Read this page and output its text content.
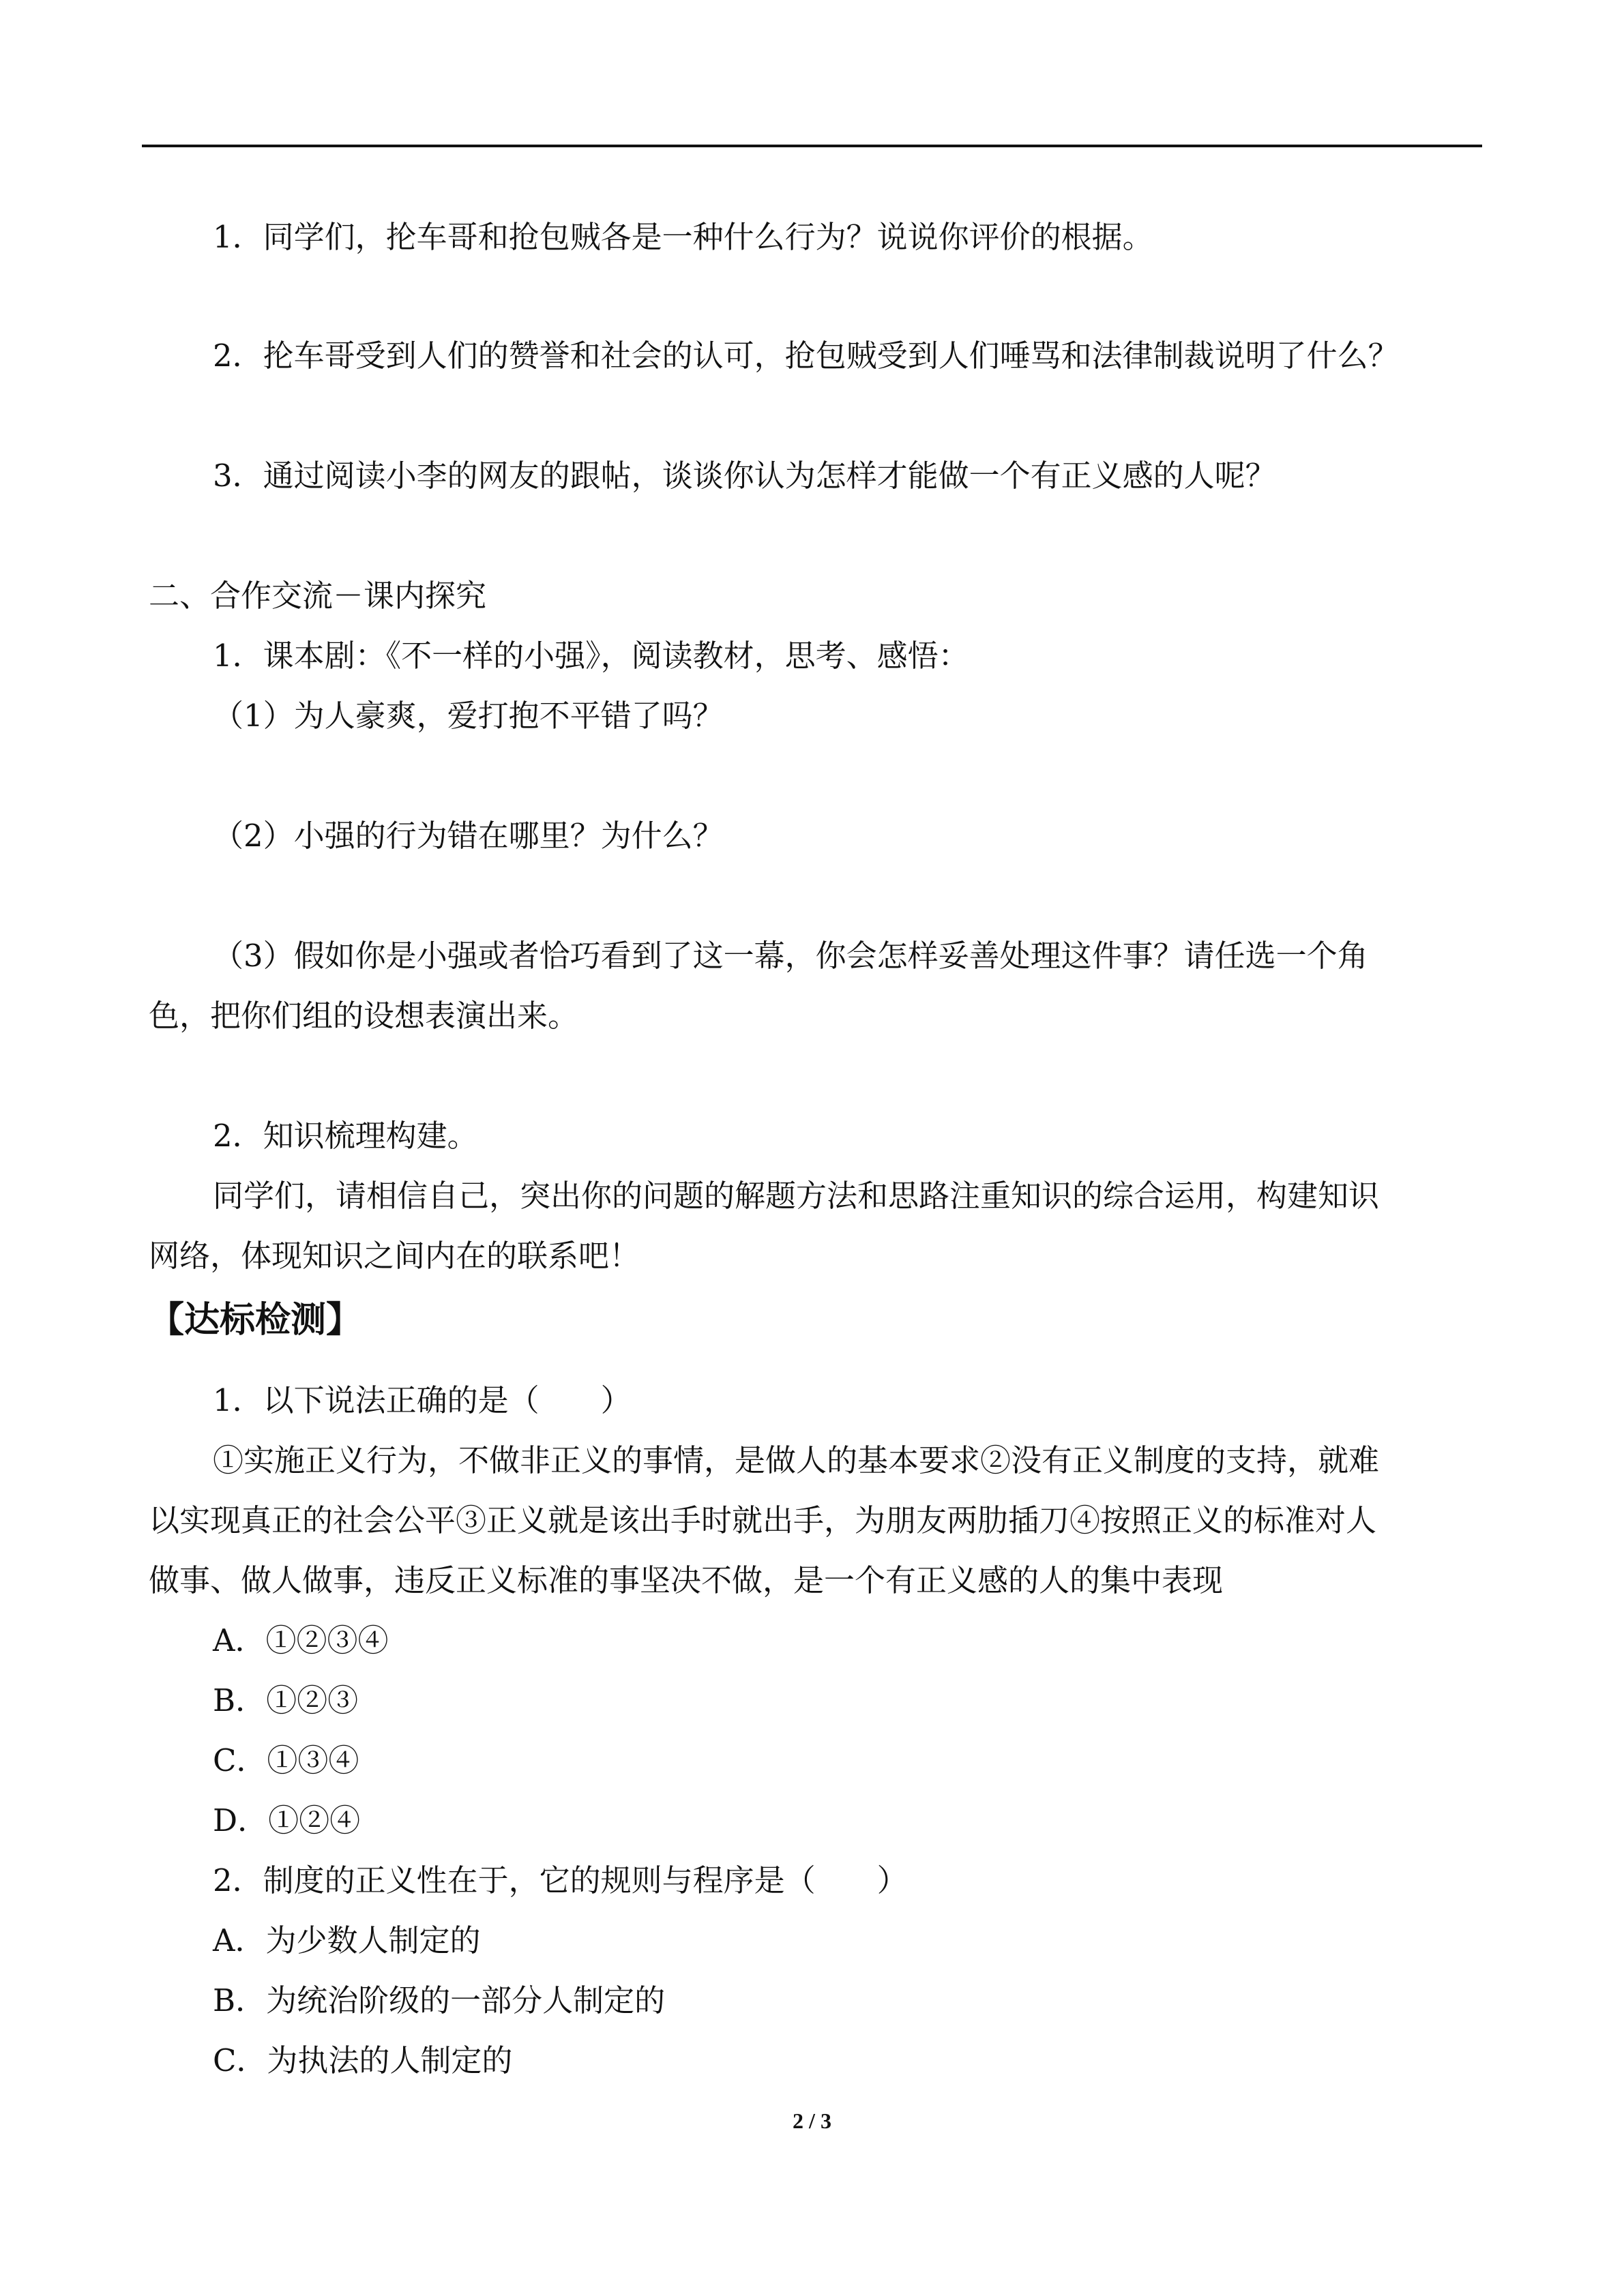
1．同学们，抡车哥和抢包贼各是一种什么行为？说说你评价的根据。
2．抡车哥受到人们的赞誉和社会的认可，抢包贼受到人们唾骂和法律制裁说明了什么？
3．通过阅读小李的网友的跟帖，谈谈你认为怎样才能做一个有正义感的人呢？
二、合作交流－课内探究
1．课本剧：《不一样的小强》，阅读教材，思考、感悟：
（1）为人豪爽，爱打抱不平错了吗？
（2）小强的行为错在哪里？为什么？
（3）假如你是小强或者恰巧看到了这一幕，你会怎样妥善处理这件事？请任选一个角
色，把你们组的设想表演出来。
2．知识梳理构建。
同学们，请相信自己，突出你的问题的解题方法和思路注重知识的综合运用，构建知识
网络，体现知识之间内在的联系吧！
【达标检测】
1．以下说法正确的是（　　）
①实施正义行为，不做非正义的事情，是做人的基本要求②没有正义制度的支持，就难
以实现真正的社会公平③正义就是该出手时就出手，为朋友两肋插刀④按照正义的标准对人
做事、做人做事，违反正义标准的事坚决不做，是一个有正义感的人的集中表现
A．①②③④
B．①②③
C．①③④
D．①②④
2．制度的正义性在于，它的规则与程序是（　　）
A．为少数人制定的
B．为统治阶级的一部分人制定的
C．为执法的人制定的
2 / 3
